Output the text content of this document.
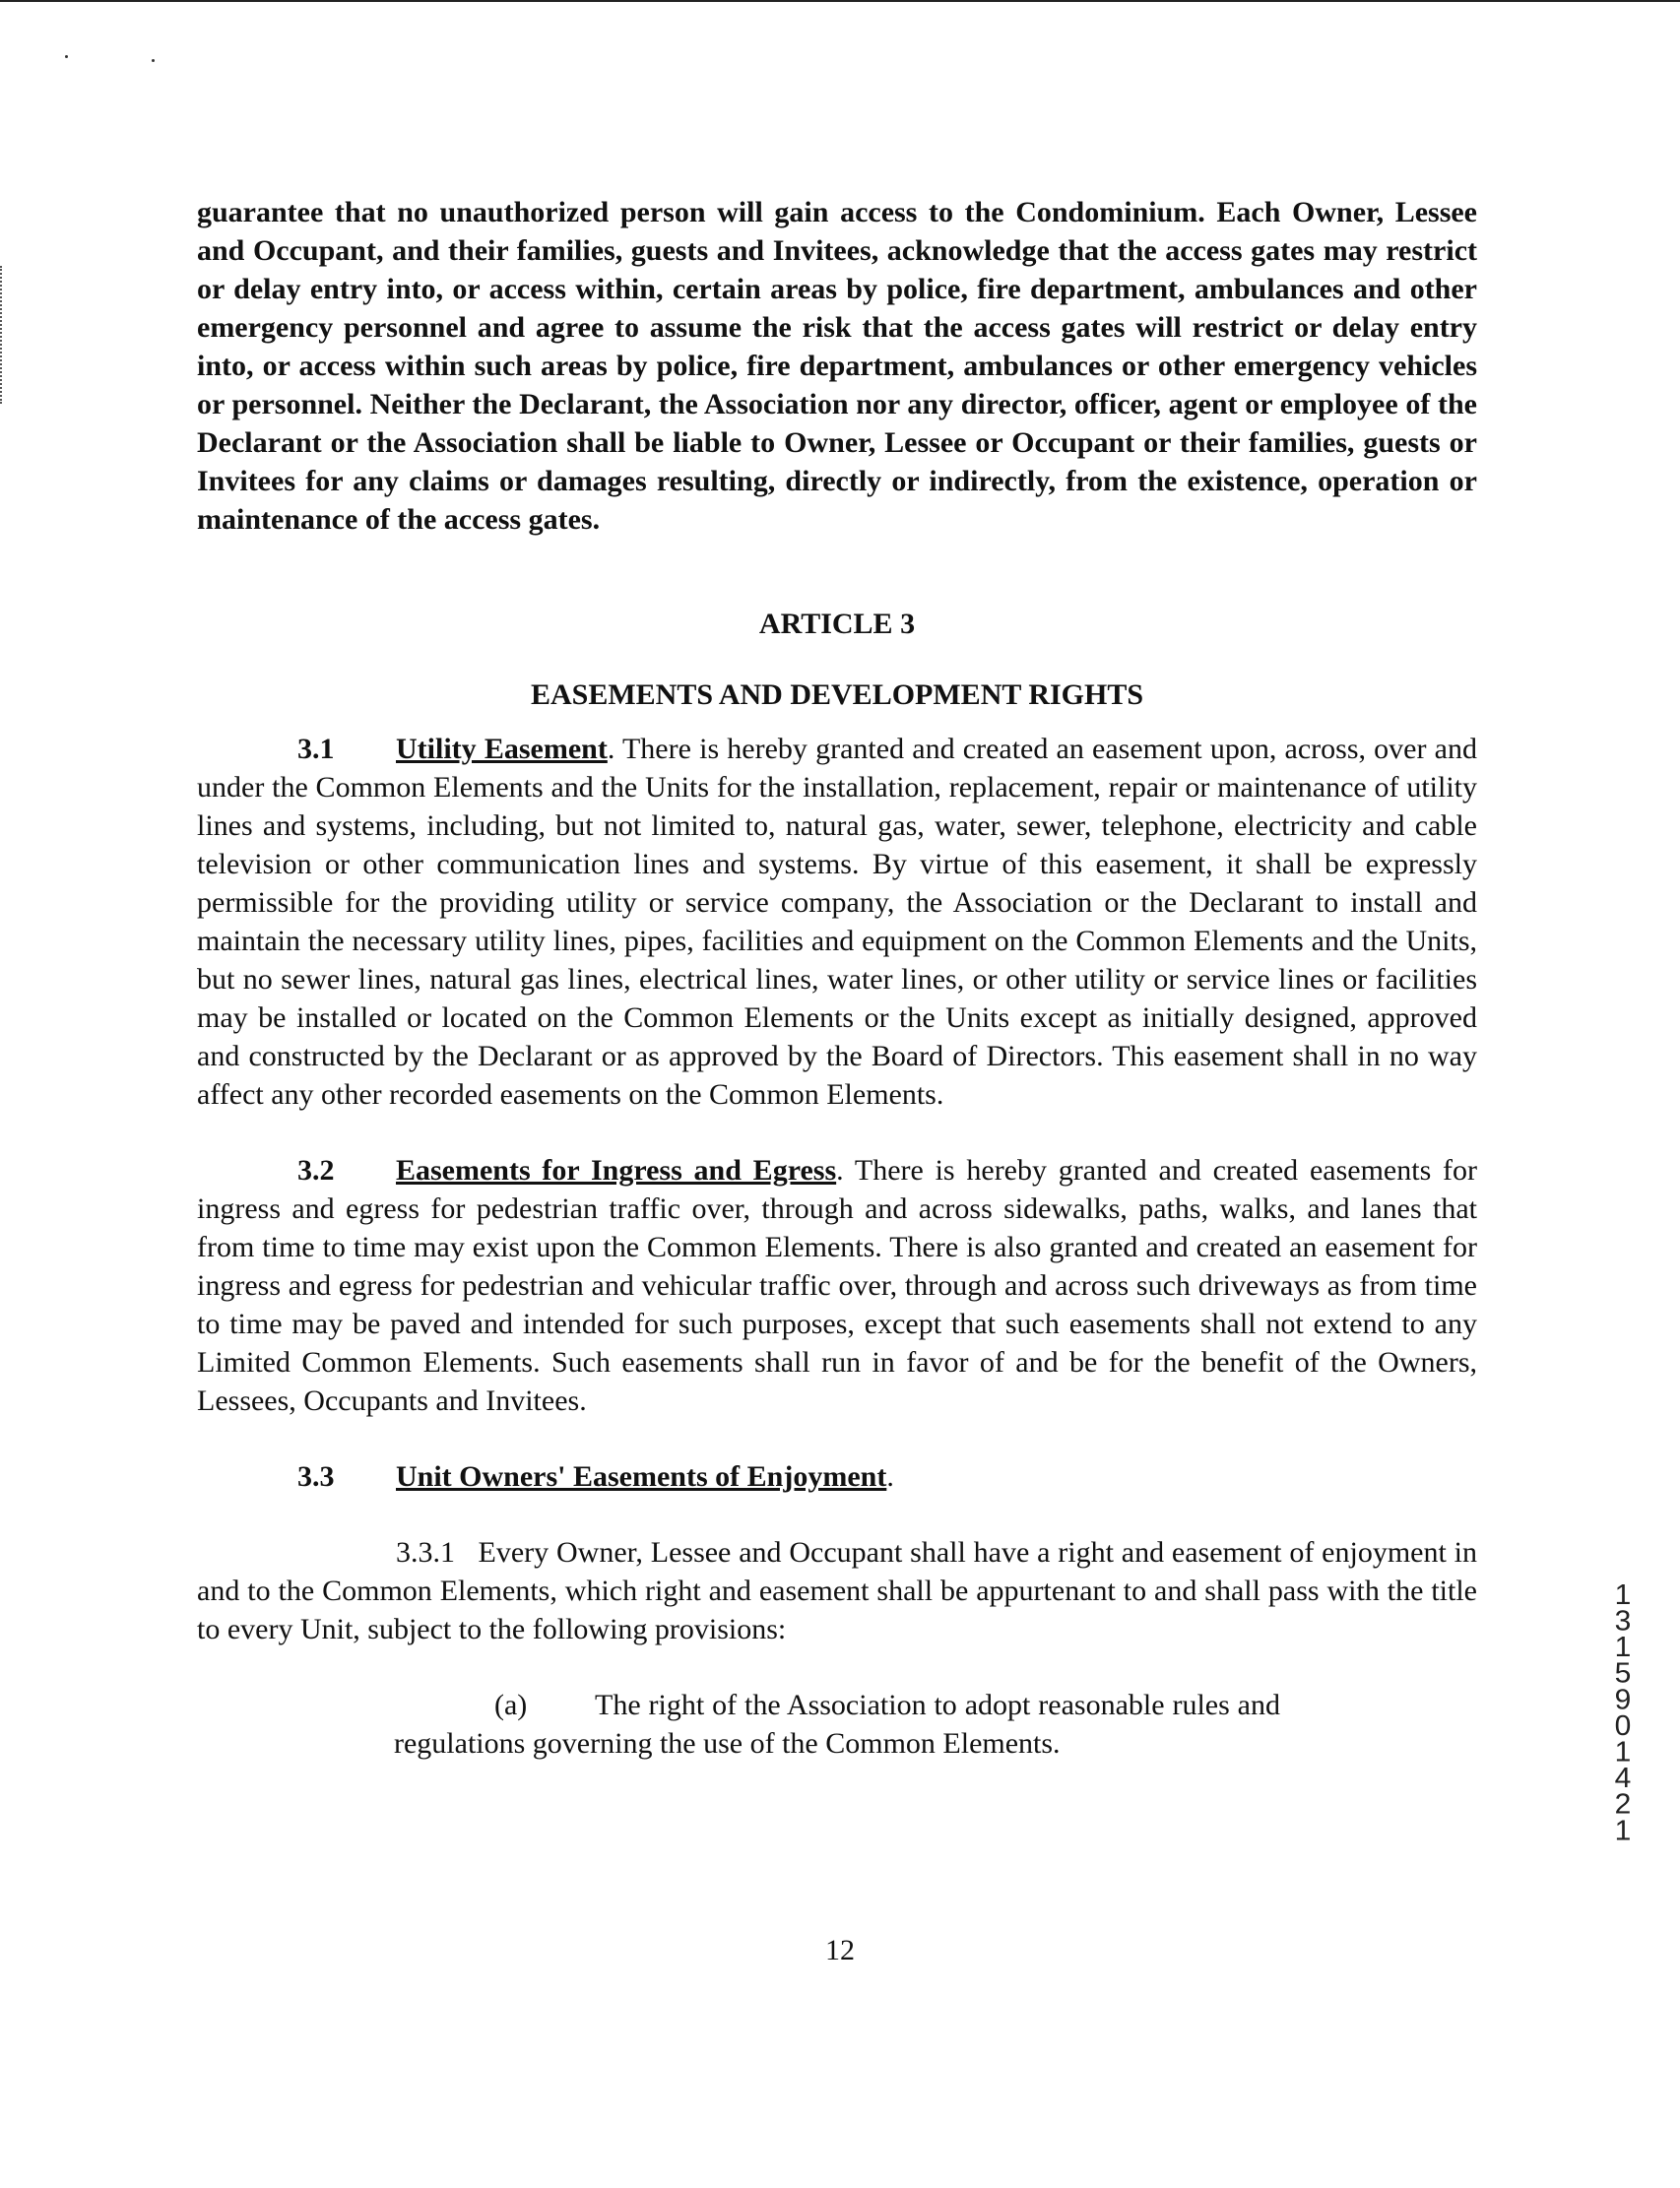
guarantee that no unauthorized person will gain access to the Condominium. Each Owner, Lessee and Occupant, and their families, guests and Invitees, acknowledge that the access gates may restrict or delay entry into, or access within, certain areas by police, fire department, ambulances and other emergency personnel and agree to assume the risk that the access gates will restrict or delay entry into, or access within such areas by police, fire department, ambulances or other emergency vehicles or personnel. Neither the Declarant, the Association nor any director, officer, agent or employee of the Declarant or the Association shall be liable to Owner, Lessee or Occupant or their families, guests or Invitees for any claims or damages resulting, directly or indirectly, from the existence, operation or maintenance of the access gates.

ARTICLE 3

EASEMENTS AND DEVELOPMENT RIGHTS

3.1 Utility Easement. There is hereby granted and created an easement upon, across, over and under the Common Elements and the Units for the installation, replacement, repair or maintenance of utility lines and systems, including, but not limited to, natural gas, water, sewer, telephone, electricity and cable television or other communication lines and systems. By virtue of this easement, it shall be expressly permissible for the providing utility or service company, the Association or the Declarant to install and maintain the necessary utility lines, pipes, facilities and equipment on the Common Elements and the Units, but no sewer lines, natural gas lines, electrical lines, water lines, or other utility or service lines or facilities may be installed or located on the Common Elements or the Units except as initially designed, approved and constructed by the Declarant or as approved by the Board of Directors. This easement shall in no way affect any other recorded easements on the Common Elements.

3.2 Easements for Ingress and Egress. There is hereby granted and created easements for ingress and egress for pedestrian traffic over, through and across sidewalks, paths, walks, and lanes that from time to time may exist upon the Common Elements. There is also granted and created an easement for ingress and egress for pedestrian and vehicular traffic over, through and across such driveways as from time to time may be paved and intended for such purposes, except that such easements shall not extend to any Limited Common Elements. Such easements shall run in favor of and be for the benefit of the Owners, Lessees, Occupants and Invitees.

3.3 Unit Owners' Easements of Enjoyment.

3.3.1 Every Owner, Lessee and Occupant shall have a right and easement of enjoyment in and to the Common Elements, which right and easement shall be appurtenant to and shall pass with the title to every Unit, subject to the following provisions:

(a) The right of the Association to adopt reasonable rules and regulations governing the use of the Common Elements.

12
1
3
1
5
9
0
1
4
2
1
